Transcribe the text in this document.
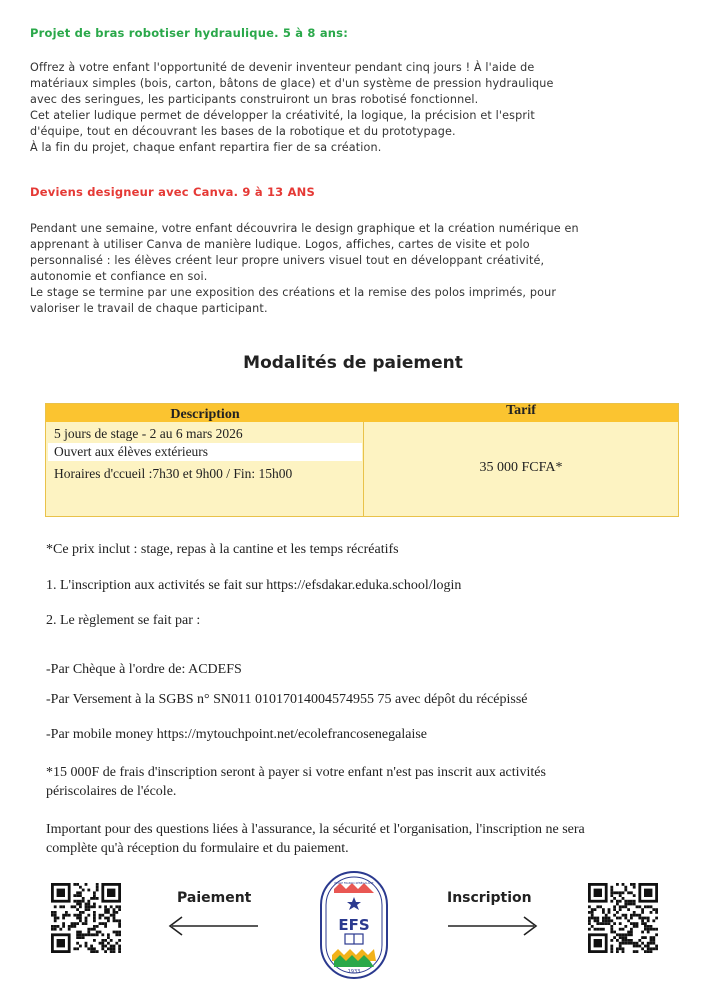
Projet de bras robotiser hydraulique. 5 à 8 ans:

Offrez à votre enfant l'opportunité de devenir inventeur pendant cinq jours ! À l'aide de

matériaux simples (bois, carton, bâtons de glace) et d'un système de pression hydraulique

avec des seringues, les participants construiront un bras robotisé fonctionnel.

Cet atelier ludique permet de développer la créativité, la logique, la précision et l'esprit

d'équipe, tout en découvrant les bases de la robotique et du prototypage.

À la fin du projet, chaque enfant repartira fier de sa création.

Deviens designeur avec Canva. 9 à 13 ANS

Pendant une semaine, votre enfant découvrira le design graphique et la création numérique en

apprenant à utiliser Canva de manière ludique. Logos, affiches, cartes de visite et polo

personnalisé : les élèves créent leur propre univers visuel tout en développant créativité,

autonomie et confiance en soi.

Le stage se termine par une exposition des créations et la remise des polos imprimés, pour

valoriser le travail de chaque participant.

Modalités de paiement
Description	Tarif
5 jours de stage - 2 au 6 mars 2026
Ouvert aux élèves extérieurs
Horaires d'ccueil :7h30 et 9h00 / Fin: 15h00	35 000 FCFA*
*Ce prix inclut : stage, repas à la cantine et les temps récréatifs
1. L'inscription aux activités se fait sur https://efsdakar.eduka.school/login
2. Le règlement se fait par :
-Par Chèque à l'ordre de: ACDEFS
-Par Versement à la SGBS n° SN011 01017014004574955 75 avec dépôt du récépissé
-Par mobile money https://mytouchpoint.net/ecolefrancosenegalaise
*15 000F de frais d'inscription seront à payer si votre enfant n'est pas inscrit aux activités
périscolaires de l'école.
Important pour des questions liées à l'assurance, la sécurité et l'organisation, l'inscription ne sera
complète qu'à réception du formulaire et du paiement.
Paiement
EFS
1933
ÉCOLE FRANCO-SÉNÉGALAISE
Inscription
